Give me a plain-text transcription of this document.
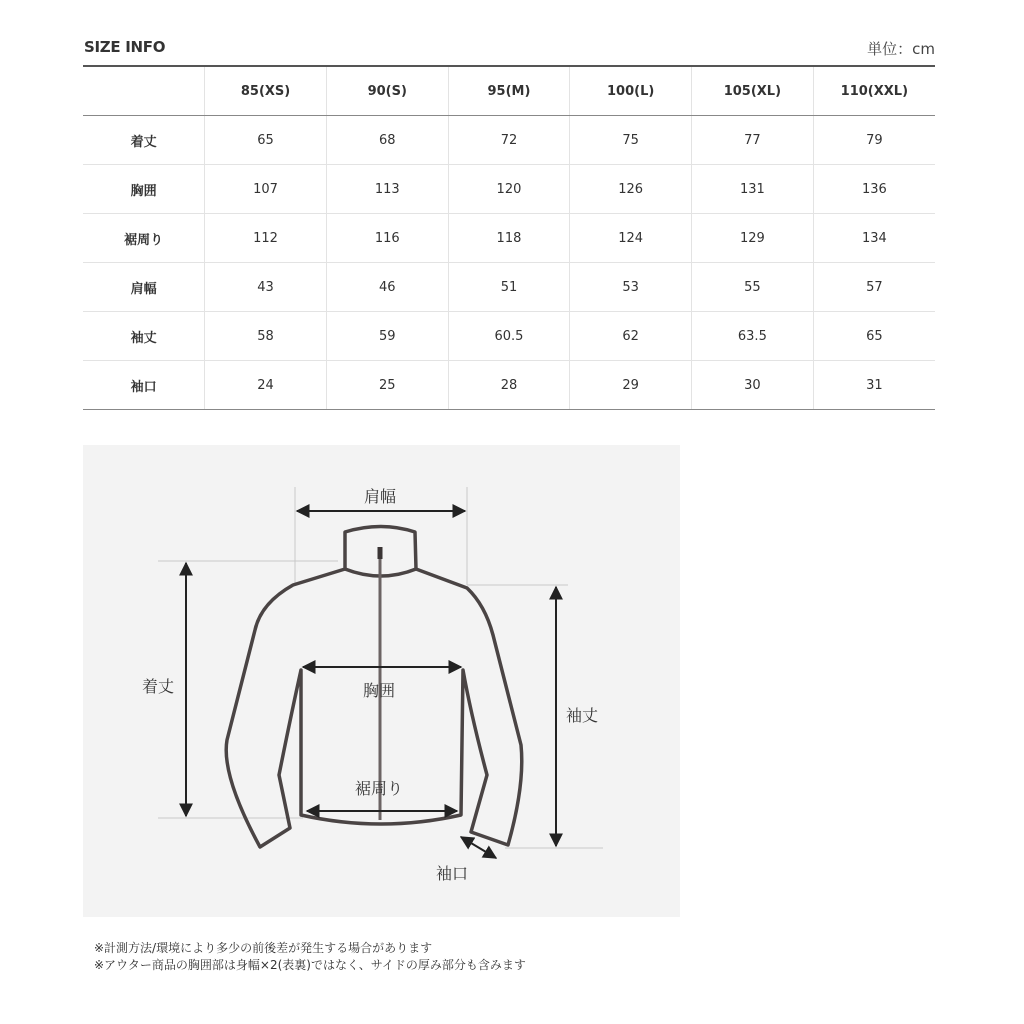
SIZE INFO	単位：cm
	85(XS)	90(S)	95(M)	100(L)	105(XL)	110(XXL)
着丈	65	68	72	75	77	79
胸囲	107	113	120	126	131	136
裾周り	112	116	118	124	129	134
肩幅	43	46	51	53	55	57
袖丈	58	59	60.5	62	63.5	65
袖口	24	25	28	29	30	31
肩幅
着丈	胸囲
裾周り
袖丈
袖口
※計測方法/環境により多少の前後差が発生する場合があります
※アウター商品の胸囲部は身幅×2(表裏)ではなく、サイドの厚み部分も含みます
